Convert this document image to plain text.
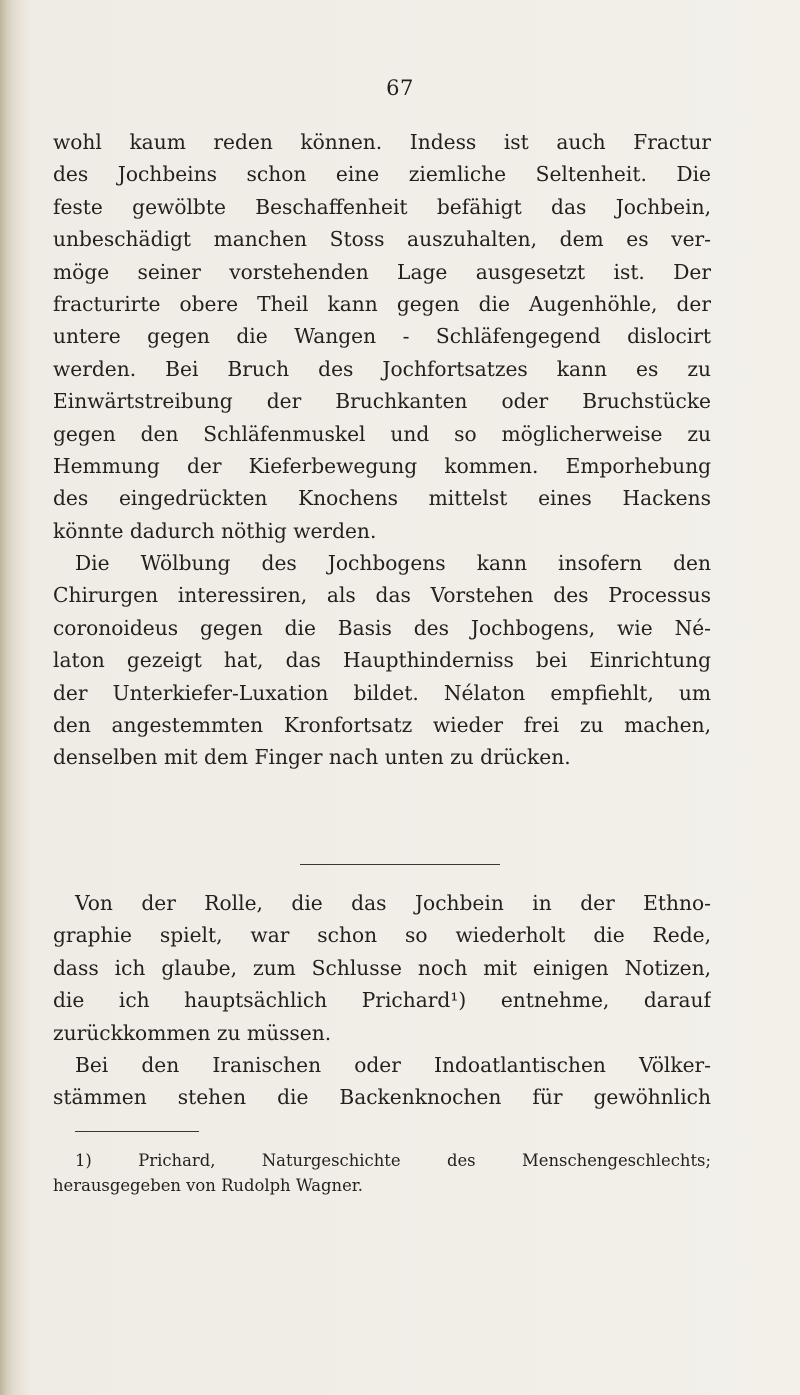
67
wohl kaum reden können. Indess ist auch Fractur
des Jochbeins schon eine ziemliche Seltenheit. Die
feste gewölbte Beschaffenheit befähigt das Jochbein,
unbeschädigt manchen Stoss auszuhalten, dem es ver-
möge seiner vorstehenden Lage ausgesetzt ist. Der
fracturirte obere Theil kann gegen die Augenhöhle, der
untere gegen die Wangen - Schläfengegend dislocirt
werden. Bei Bruch des Jochfortsatzes kann es zu
Einwärtstreibung der Bruchkanten oder Bruchstücke
gegen den Schläfenmuskel und so möglicherweise zu
Hemmung der Kieferbewegung kommen. Emporhebung
des eingedrückten Knochens mittelst eines Hackens
könnte dadurch nöthig werden.
Die Wölbung des Jochbogens kann insofern den
Chirurgen interessiren, als das Vorstehen des Processus
coronoideus gegen die Basis des Jochbogens, wie Né-
laton gezeigt hat, das Haupthinderniss bei Einrichtung
der Unterkiefer-Luxation bildet. Nélaton empfiehlt, um
den angestemmten Kronfortsatz wieder frei zu machen,
denselben mit dem Finger nach unten zu drücken.
Von der Rolle, die das Jochbein in der Ethno-
graphie spielt, war schon so wiederholt die Rede,
dass ich glaube, zum Schlusse noch mit einigen Notizen,
die ich hauptsächlich Prichard¹) entnehme, darauf
zurückkommen zu müssen.
Bei den Iranischen oder Indoatlantischen Völker-
stämmen stehen die Backenknochen für gewöhnlich
1) Prichard, Naturgeschichte des Menschengeschlechts;
herausgegeben von Rudolph Wagner.
